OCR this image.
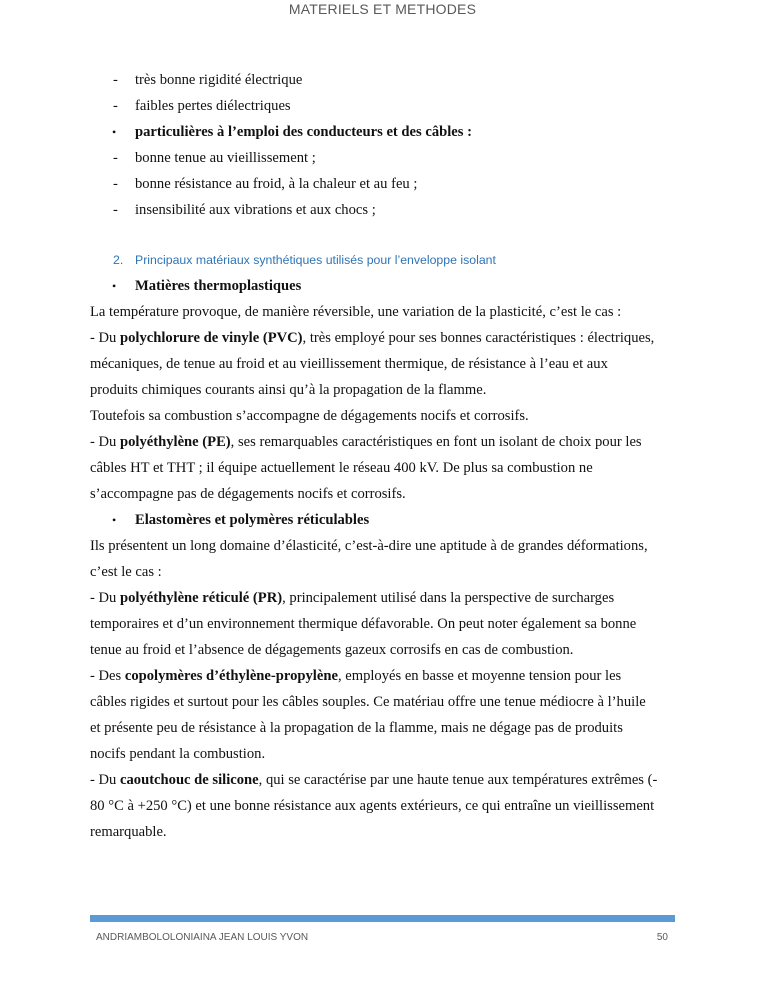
MATERIELS ET METHODES
- très bonne rigidité électrique
- faibles pertes diélectriques
• particulières à l’emploi des conducteurs et des câbles :
- bonne tenue au vieillissement ;
- bonne résistance au froid, à la chaleur et au feu ;
- insensibilité aux vibrations et aux chocs ;
2. Principaux matériaux synthétiques utilisés pour l’enveloppe isolant
• Matières thermoplastiques
La température provoque, de manière réversible, une variation de la plasticité, c’est le cas :
- Du polychlorure de vinyle (PVC), très employé pour ses bonnes caractéristiques : électriques,
mécaniques, de tenue au froid et au vieillissement thermique, de résistance à l’eau et aux
produits chimiques courants ainsi qu’à la propagation de la flamme.
Toutefois sa combustion s’accompagne de dégagements nocifs et corrosifs.
- Du polyéthylène (PE), ses remarquables caractéristiques en font un isolant de choix pour les
câbles HT et THT ; il équipe actuellement le réseau 400 kV. De plus sa combustion ne
s’accompagne pas de dégagements nocifs et corrosifs.
• Elastomères et polymères réticulables
Ils présentent un long domaine d’élasticité, c’est-à-dire une aptitude à de grandes déformations,
c’est le cas :
- Du polyéthylène réticulé (PR), principalement utilisé dans la perspective de surcharges
temporaires et d’un environnement thermique défavorable. On peut noter également sa bonne
tenue au froid et l’absence de dégagements gazeux corrosifs en cas de combustion.
- Des copolymères d’éthylène-propylène, employés en basse et moyenne tension pour les
câbles rigides et surtout pour les câbles souples. Ce matériau offre une tenue médiocre à l’huile
et présente peu de résistance à la propagation de la flamme, mais ne dégage pas de produits
nocifs pendant la combustion.
- Du caoutchouc de silicone, qui se caractérise par une haute tenue aux températures extrêmes (-
80 °C à +250 °C) et une bonne résistance aux agents extérieurs, ce qui entraîne un vieillissement
remarquable.
ANDRIAMBOLOLONIAINA JEAN LOUIS YVON	50
